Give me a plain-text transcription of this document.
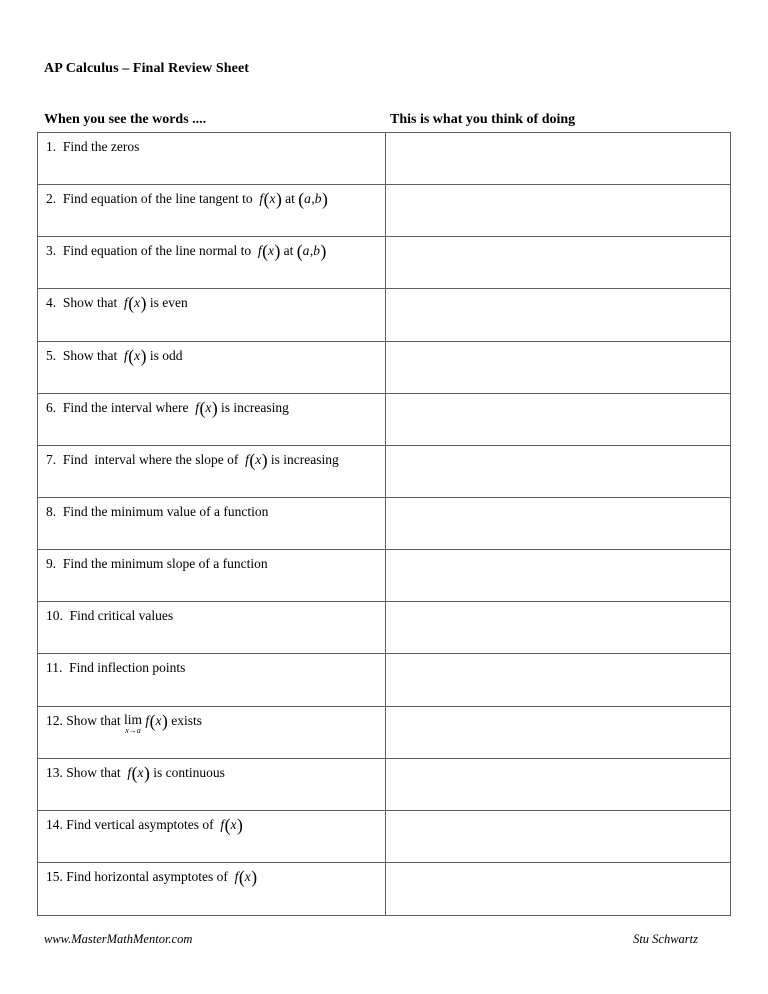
AP Calculus – Final Review Sheet
When you see the words ....	This is what you think of doing
1.  Find the zeros
2.  Find equation of the line tangent to  f(x) at (a,b)
3.  Find equation of the line normal to  f(x) at (a,b)
4.  Show that  f(x) is even
5.  Show that  f(x) is odd
6.  Find the interval where  f(x) is increasing
7.  Find  interval where the slope of  f(x) is increasing
8.  Find the minimum value of a function
9.  Find the minimum slope of a function
10.  Find critical values
11.  Find inflection points
12. Show that lim
x→a
f(x) exists
13. Show that  f(x) is continuous
14. Find vertical asymptotes of  f(x)
15. Find horizontal asymptotes of  f(x)
www.MasterMathMentor.com	Stu Schwartz
